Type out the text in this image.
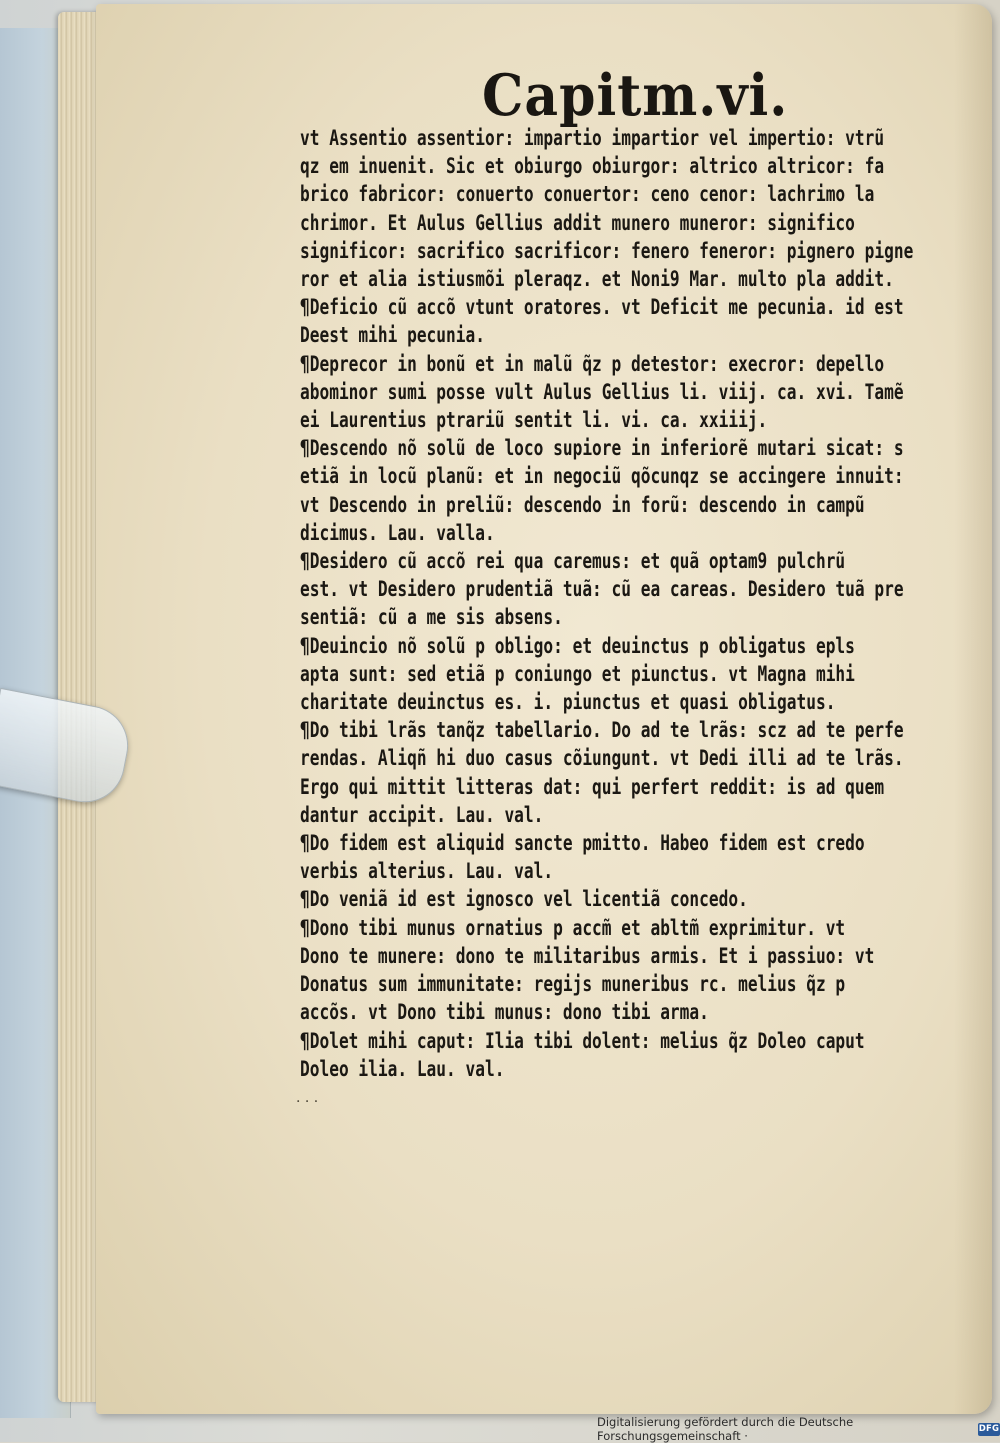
Capitm.vi.
vt Assentio assentior: impartio impartior vel impertio: vtrũ
qz em inuenit. Sic et obiurgo obiurgor: altrico altricor: fa
brico fabricor: conuerto conuertor: ceno cenor: lachrimo la
chrimor. Et Aulus Gellius addit munero muneror: significo
significor: sacrifico sacrificor: fenero feneror: pignero pigne
ror et alia istiusmõi pleraqz. et Noni9 Mar. multo pla addit.
¶Deficio cũ accõ vtunt oratores. vt Deficit me pecunia. id est
Deest mihi pecunia.
¶Deprecor in bonũ et in malũ q̃z p detestor: execror: depello
abominor sumi posse vult Aulus Gellius li. viij. ca. xvi. Tamẽ
ei Laurentius ptrariũ sentit li. vi. ca. xxiiij.
¶Descendo nõ solũ de loco supiore in inferiorẽ mutari sicat: s
etiã in locũ planũ: et in negociũ qõcunqz se accingere innuit:
vt Descendo in preliũ: descendo in forũ: descendo in campũ
dicimus. Lau. valla.
¶Desidero cũ accõ rei qua caremus: et quã optam9 pulchrũ
est. vt Desidero prudentiã tuã: cũ ea careas. Desidero tuã pre
sentiã: cũ a me sis absens.
¶Deuincio nõ solũ p obligo: et deuinctus p obligatus epls
apta sunt: sed etiã p coniungo et piunctus. vt Magna mihi
charitate deuinctus es. i. piunctus et quasi obligatus.
¶Do tibi lrãs tanq̃z tabellario. Do ad te lrãs: scz ad te perfe
rendas. Aliqñ hi duo casus cõiungunt. vt Dedi illi ad te lrãs.
Ergo qui mittit litteras dat: qui perfert reddit: is ad quem
dantur accipit. Lau. val.
¶Do fidem est aliquid sancte pmitto. Habeo fidem est credo
verbis alterius. Lau. val.
¶Do veniã id est ignosco vel licentiã concedo.
¶Dono tibi munus ornatius p accm̃ et abltm̃ exprimitur. vt
Dono te munere: dono te militaribus armis. Et i passiuo: vt
Donatus sum immunitate: regijs muneribus rc. melius q̃z p
accõs. vt Dono tibi munus: dono tibi arma.
¶Dolet mihi caput: Ilia tibi dolent: melius q̃z Doleo caput
Doleo ilia. Lau. val.
· · ·
Digitalisierung gefördert durch die Deutsche Forschungsgemeinschaft ·	DFG
